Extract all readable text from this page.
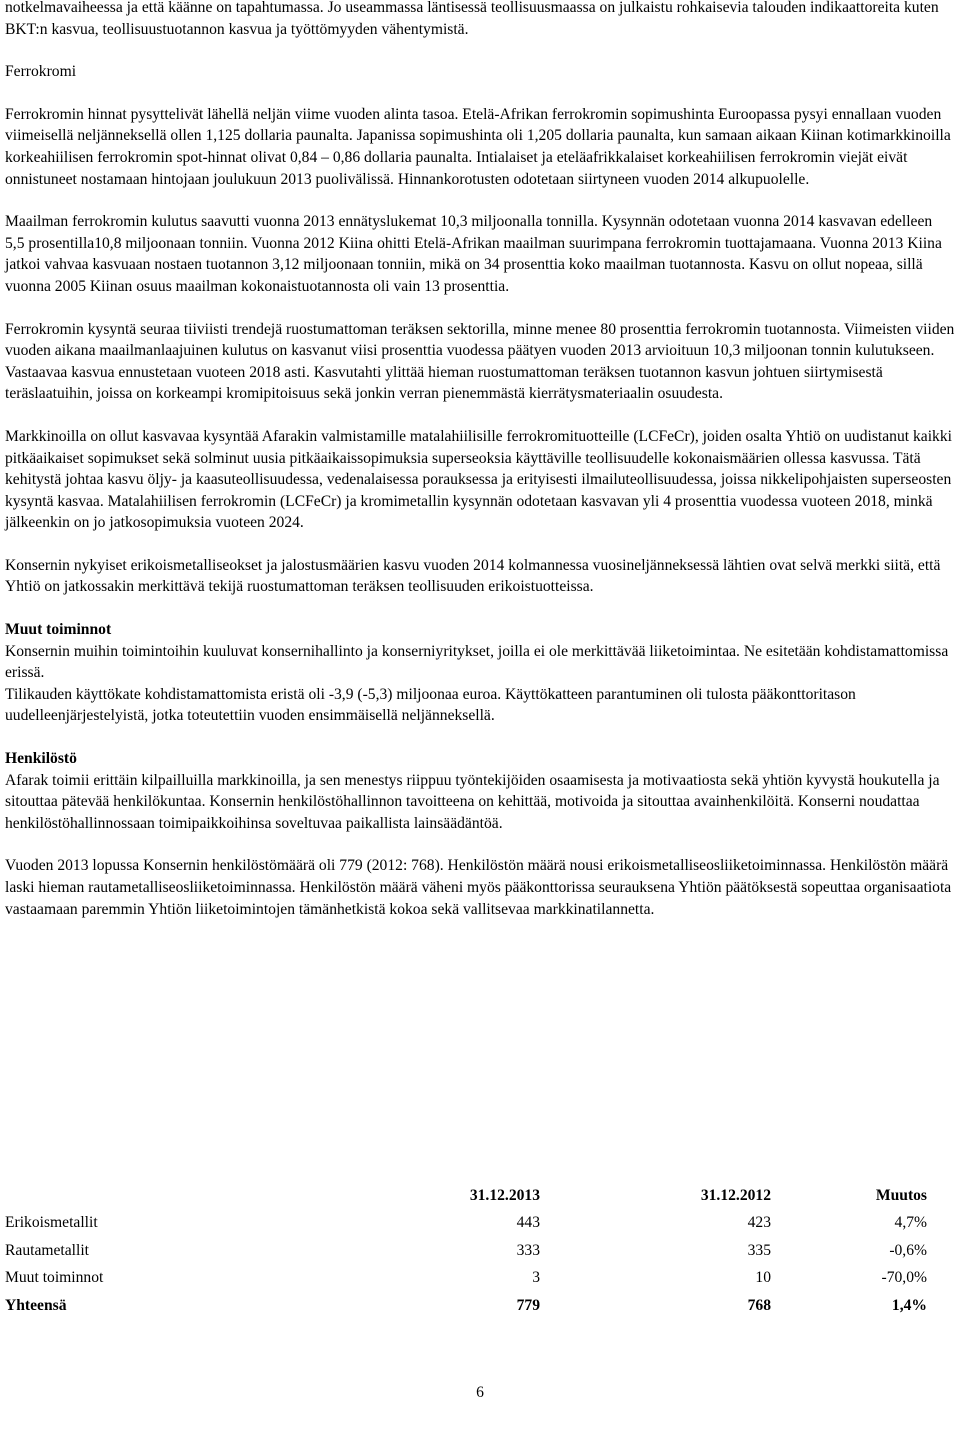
notkelmavaiheessa ja että käänne on tapahtumassa. Jo useammassa läntisessä teollisuusmaassa on julkaistu rohkaisevia talouden indikaattoreita kuten BKT:n kasvua, teollisuustuotannon kasvua ja työttömyyden vähentymistä.

Ferrokromi

Ferrokromin hinnat pysyttelivät lähellä neljän viime vuoden alinta tasoa. Etelä-Afrikan ferrokromin sopimushinta Euroopassa pysyi ennallaan vuoden viimeisellä neljänneksellä ollen 1,125 dollaria paunalta. Japanissa sopimushinta oli 1,205 dollaria paunalta, kun samaan aikaan Kiinan kotimarkkinoilla korkeahiilisen ferrokromin spot-hinnat olivat 0,84 – 0,86 dollaria paunalta. Intialaiset ja eteläafrikkalaiset korkeahiilisen ferrokromin viejät eivät onnistuneet nostamaan hintojaan joulukuun 2013 puolivälissä. Hinnankorotusten odotetaan siirtyneen vuoden 2014 alkupuolelle.

Maailman ferrokromin kulutus saavutti vuonna 2013 ennätyslukemat 10,3 miljoonalla tonnilla. Kysynnän odotetaan vuonna 2014 kasvavan edelleen 5,5 prosentilla10,8 miljoonaan tonniin. Vuonna 2012 Kiina ohitti Etelä-Afrikan maailman suurimpana ferrokromin tuottajamaana. Vuonna 2013 Kiina jatkoi vahvaa kasvuaan nostaen tuotannon 3,12 miljoonaan tonniin, mikä on 34 prosenttia koko maailman tuotannosta. Kasvu on ollut nopeaa, sillä vuonna 2005 Kiinan osuus maailman kokonaistuotannosta oli vain 13 prosenttia.

Ferrokromin kysyntä seuraa tiiviisti trendejä ruostumattoman teräksen sektorilla, minne menee 80 prosenttia ferrokromin tuotannosta. Viimeisten viiden vuoden aikana maailmanlaajuinen kulutus on kasvanut viisi prosenttia vuodessa päätyen vuoden 2013 arvioituun 10,3 miljoonan tonnin kulutukseen. Vastaavaa kasvua ennustetaan vuoteen 2018 asti. Kasvutahti ylittää hieman ruostumattoman teräksen tuotannon kasvun johtuen siirtymisestä teräslaatuihin, joissa on korkeampi kromipitoisuus sekä jonkin verran pienemmästä kierrätysmateriaalin osuudesta.

Markkinoilla on ollut kasvavaa kysyntää Afarakin valmistamille matalahiilisille ferrokromituotteille (LCFeCr), joiden osalta Yhtiö on uudistanut kaikki pitkäaikaiset sopimukset sekä solminut uusia pitkäaikaissopimuksia superseoksia käyttäville teollisuudelle kokonaismäärien ollessa kasvussa. Tätä kehitystä johtaa kasvu öljy- ja kaasuteollisuudessa, vedenalaisessa porauksessa ja erityisesti ilmailuteollisuudessa, joissa nikkelipohjaisten superseosten kysyntä kasvaa. Matalahiilisen ferrokromin (LCFeCr) ja kromimetallin kysynnän odotetaan kasvavan yli 4 prosenttia vuodessa vuoteen 2018, minkä jälkeenkin on jo jatkosopimuksia vuoteen 2024.

Konsernin nykyiset erikoismetalliseokset ja jalostusmäärien kasvu vuoden 2014 kolmannessa vuosineljänneksessä lähtien ovat selvä merkki siitä, että Yhtiö on jatkossakin merkittävä tekijä ruostumattoman teräksen teollisuuden erikoistuotteissa.

Muut toiminnot

Konsernin muihin toimintoihin kuuluvat konsernihallinto ja konserniyritykset, joilla ei ole merkittävää liiketoimintaa. Ne esitetään kohdistamattomissa erissä.

Tilikauden käyttökate kohdistamattomista eristä oli -3,9 (-5,3) miljoonaa euroa. Käyttökatteen parantuminen oli tulosta pääkonttoritason uudelleenjärjestelyistä, jotka toteutettiin vuoden ensimmäisellä neljänneksellä.

Henkilöstö

Afarak toimii erittäin kilpailluilla markkinoilla, ja sen menestys riippuu työntekijöiden osaamisesta ja motivaatiosta sekä yhtiön kyvystä houkutella ja sitouttaa pätevää henkilökuntaa. Konsernin henkilöstöhallinnon tavoitteena on kehittää, motivoida ja sitouttaa avainhenkilöitä. Konserni noudattaa henkilöstöhallinnossaan toimipaikkoihinsa soveltuvaa paikallista lainsäädäntöä.

Vuoden 2013 lopussa Konsernin henkilöstömäärä oli 779 (2012: 768). Henkilöstön määrä nousi erikoismetalliseosliiketoiminnassa. Henkilöstön määrä laski hieman rautametalliseosliiketoiminnassa. Henkilöstön määrä väheni myös pääkonttorissa seurauksena Yhtiön päätöksestä sopeuttaa organisaatiota vastaamaan paremmin Yhtiön liiketoimintojen tämänhetkistä kokoa sekä vallitsevaa markkinatilannetta.

	31.12.2013	31.12.2012	Muutos
Erikoismetallit	443	423	4,7%
Rautametallit	333	335	-0,6%
Muut toiminnot	3	10	-70,0%
Yhteensä	779	768	1,4%
6
